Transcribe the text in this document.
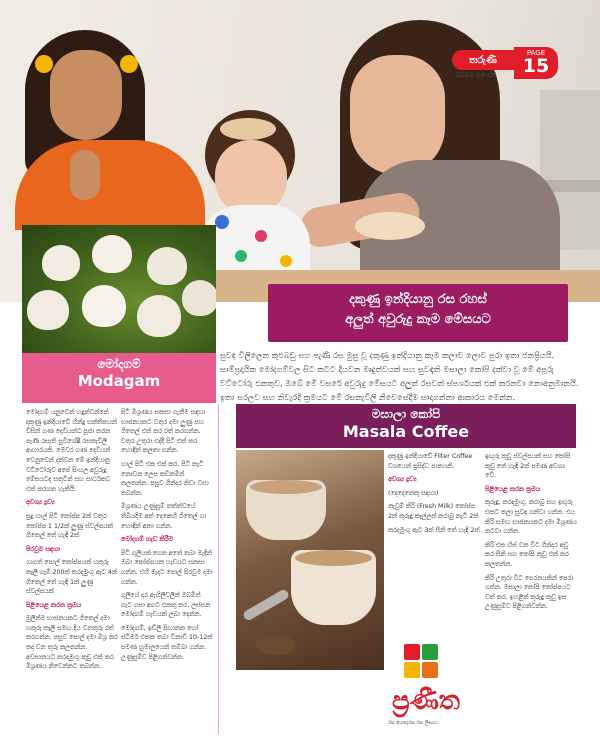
තරුණී
PAGE
15
2026-04-06
දකුණු ඉන්දියානු රස රහස්
අලුත් අවුරුදු කෑම මේසයට
සුවඳ විලිලෙන කුළුබඩු සහ පැණි රස මුසු වූ දකුණු ඉන්දියානු කෑම කලාව ලොව පුරා ඉතා ජනප්‍රියයි. සාම්ප්‍රදායික මෝදගම්වල සිට කටට දියවන මෘදුත්වයක් සහ සුවඳැති මසාලා කෝපි දක්වා වූ මේ අපූරු වට්ටෝරු එකතුව, ඔබේ මේ වසරේ අවුරුදු මේසයට අලුත් රසවත් ස්පර්ශයක් එක් කරනවා නොඅනුමානයි. ඉතා සරලව සහ නිවැරදි ක්‍රමයට මේ රසකැවිලි නිවෙසේදීම සාදාගන්නා ආකාරය මෙන්න.
මෝදගම්
Modagam

මෝදගම් යනුවෙන් හඳුන්වන්නේ දකුණු ඉන්දියාවේ හින්දු භක්තිකයන් විසින් ගණ දෙවියන්ට පූජා කරන පැණි රසැති සුවිශේෂී රසකැවිලි ආහාරයකි. මෙවර ගණ දෙවියන් වෙනුවෙන් දක්වන මේ ඉන්දියානු වට්ටෝරුව අපේ සිංහල අවුරුදු මේසයටද සතුටින් සහ සාර්ථකව එක් කරගත හැකියි.

අවශ්‍ය ද්‍රව්‍ය

සුදු හාල් පිටි කෝප්ප 2ක් වතුර කෝප්ප 1 1/2ක් ලුණු ස්වල්පයක් ගිතෙල් තේ හැඳි 2ක්

පිරවුම සඳහා

ගාගත් පොල් කෝප්පයක් හකුරු කෑලි ගෑම් 200ක් කරදමුංගු ඇට 4ක් ගිතෙල් තේ හැඳි 1ක් ලුණු ස්වල්පයක්

පිළියෙළ කරන ක්‍රමය

මුලින්ම භාජනයකට ගිතෙල් දමා හකුරු කෑලි සමඟ දිය වනතුරු රත් කරගන්න. පසුව පොල් දමා මිශ්‍ර කර තද වන තුරු කලතන්න. අවසානයට කරදමුංගු කුඩු එක් කර මිශ්‍රණය නිවෙන්නට තබන්න.

පිටි මිශ්‍රණය සකසා ගැනීම සඳහා භාජනයකට වතුර දමා ලුණු සහ ගිතෙල් එක් කර රත් කරගන්න. වතුර උතුරා එද්දී පිටි එක් කර හොඳින් කලතා ගන්න.

හාල් පිටි එක එක් කර, පිටි කැටි නොවන ලෙස කඩිනමින් කලතන්න. පසුව ගින්දර නිවා වසා තබන්න.

මිශ්‍රණය උණුසුම් තත්ත්වයේ තිබියදීම අත් දෙකෙහි ගිතෙල් ගා හොඳින් අනා ගන්න.

මෝදගම් හැඩ කිරීම

පිටි ගුලියක් ගෙන අතේ තබා මැදින් ඔබා කෝප්පයක හැඩයට සකසා ගන්න. එහි මැදට පොල් පිරවුම දමා ගන්න.

ගුලියේ දාර ඇඟිලිවලින් ඔබමින් ගැට ගසා අගට එකතු කර, ලස්සන මෝදගම් හැඩයක් ලබා දෙන්න.

මෝදගම්, ඉඩ්ලි පිඟානක හෝ ස්ටීමර් එකක තබා විනාඩි 10-12ක් පමණ හුමාලයෙන් තම්බා ගන්න. උණුසුම්ව පිළිගන්වන්න.

මසාලා කෝපි
Masala Coffee

දකුණු ඉන්දියාවේ Filter Coffee වශයෙන් ප්‍රසිද්ධ පානයකි.

අවශ්‍ය ද්‍රව්‍ය

(දෙදෙනෙකු සඳහා)

නැවුම් කිරි (Fresh Milk) කෝප්ප 2ක් කුරුඳු කෑල්ලක් කරාබු නැටි 2ක්

කරදමුංගු ඇට 3ක් සීනි තේ හැඳි 2ක්

ඉඟුරු කුඩු ස්වල්පයක් සහ කෝපි කුඩු තේ හැඳි 2ක් පමණ අවශ්‍ය වේ.

පිළියෙළ කරන ක්‍රමය

කුරුඳු, කරදමුංගු, කරාබු සහ ඉඟුරු එකට තලා සුවඳ ගන්වා ගන්න. එය කිරි සමඟ භාජනයකට දමා මිශ්‍රණය නටවා ගන්න.

කිරි එක හිස් වන විට ගින්දර අඩු කර සීනි සහ කෝපි කුඩු එක් කර කලතන්න.

කිරි උතුරා විට පෙරනයකින් පෙරා ගන්න. මසාලා කෝපි කෝප්පයට වත් කර, ඉහළින් කුරුඳු කුඩු ඉස උණුසුම්ව පිළිගන්වන්න.

ප්‍රණීත
රස අහසැරස රස ලිසාය.
